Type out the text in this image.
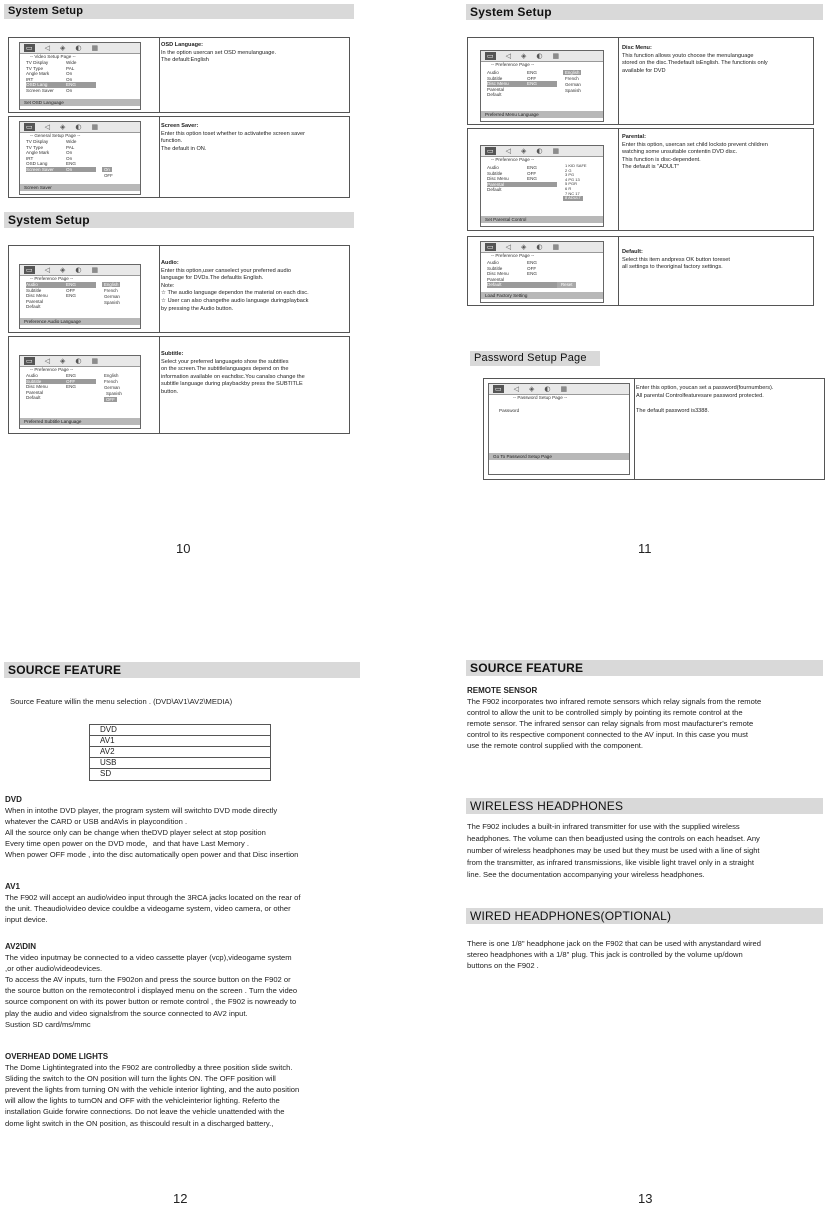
System Setup
▭ ◁ ◈ ◐ ▦
-- Video Setup Page --
TV Display	Wide
TV Type	PAL
Angle Mark	On
IRT	On
OSD Lang	ENG
Screen Saver	On
Set OSD Language
OSD Language:
In the option usercan set OSD menulanguage.
The default:English
▭ ◁ ◈ ◐ ▦
-- General Setup Page --
TV Display	Wide
TV Type	PAL
Angle Mark	On
IRT	On
OSD Lang	ENG
Screen Saver	On	On
OFF
Screen Saver
Screen Saver:
Enter this option toset whether to activatethe screen saver
function.
The default in ON.
System Setup
▭ ◁ ◈ ◐ ▦
-- Preference Page --
Audio	ENG
Subtitle	OFF
Disc Menu	ENG
Parental
Default
English
French
German
Spanish
Preference Audio Language
Audio:
Enter this option,user canselect your preferred audio
language for DVDs.The defaultis English.
Note:
☆ The audio language dependon the material on each disc.
☆ User can also changethe audio language duringplayback
by pressing the Audio button.
▭ ◁ ◈ ◐ ▦
-- Preference Page --
Audio	ENG
Subtitle	OFF
Disc Menu	ENG
Parental
Default
English
French
German
Spanish
OFF
Preferred Subtitle Language
Subtitle:
Select your preferred languageto show the subtitles
on the screen.The subtitlelanguages depend on the
information available on eachdisc.You canalso change the
subtitle language during playbackby press the SUBTITLE
button.
10
System Setup
▭ ◁ ◈ ◐ ▦
-- Preference Page --
Audio	ENG
Subtitle	OFF
Disc Menu	ENG
Parental
Default
English
French
German
Spanish
Preferred Menu Language
Disc Menu:
This function allows youto choose the menulanguage
stored on the disc.Thedefault isEnglish. The functionis only
available for DVD
▭ ◁ ◈ ◐ ▦
-- Preference Page --
Audio	ENG
Subtitle	OFF
Disc Menu	ENG
Parental
Default
1 KID SAFE
2 G
3 PG
4 PG 13
5 PGR
6 R
7 NC 17
8 ADULT
Set Parental Control
Parental:
Enter this option, usercan set child locksto prevent children
watching some unsuitable contentin DVD disc.
This function is disc-dependent.
The default is "ADULT"
▭ ◁ ◈ ◐ ▦
-- Preference Page --
Audio	ENG
Subtitle	OFF
Disc Menu	ENG
Parental
Default	Reset
Load Factory Setting
Default:
Select this item andpress OK button toreset
all settings to theoriginal factory settings.
Password Setup Page
▭ ◁ ◈ ◐ ▦
-- Password Setup Page --
Password
Go To Password Setup Page
Enter this option, youcan set a password(fournumbers).
All parental Controlfeaturesare password protected.
The default password is3388.
11
SOURCE FEATURE
Source Feature willin the menu selection . (DVD\AV1\AV2\MEDIA)
DVD
AV1
AV2
USB
SD
DVD
When in intothe DVD player, the program system will switchto DVD mode directly
whatever the CARD or USB andAVis in playcondition .
All the source only can be change when theDVD player select at stop position
Every time open power on the DVD mode，and that have Last Memory .
When power OFF mode , into the disc automatically open power and that Disc insertion
AV1
The F902 will accept an audio\video input through the 3RCA jacks located on the rear of
the unit. Theaudio\video device couldbe a videogame system, video camera, or other
input device.
AV2\DIN
The video inputmay be connected to a video cassette player (vcp),videogame system
,or other audio\videodevices.
To access the AV inputs, turn the F902on and press the source button on the F902 or
the source button on the remotecontrol i displayed menu on the screen . Turn the video
source component on with its power button or remote control , the F902 is nowready to
play the audio and video signalsfrom the source connected to AV2 input.
Sustion SD card/ms/mmc
OVERHEAD DOME LIGHTS
The Dome Lightintegrated into the F902 are controlledby a three position slide switch.
Sliding the switch to the ON position will turn the lights ON. The OFF position will
prevent the lights from turning ON with the vehicle interior lighting, and the auto position
will allow the lights to turnON and OFF with the vehicleinterior lighting. Referto the
installation Guide forwire connections. Do not leave the vehicle unattended with the
dome light switch in the ON position, as thiscould result in a discharged battery.,
12
SOURCE FEATURE
REMOTE SENSOR
The F902 incorporates two infrared remote sensors which relay signals from the remote
control to allow the unit to be controlled simply by pointing its remote control at the
remote sensor. The infrared sensor can relay signals from most maufacturer's remote
control to its respective component connected to the AV input. In this case you must
use the remote control supplied with the component.
WIRELESS HEADPHONES
The F902 includes a built-in infrared transmitter for use with the supplied wireless
headphones. The volume can then beadjusted using the controls on each headset. Any
number of wireless headphones may be used but they must be used with a line of sight
from the transmitter, as infrared transmissions, like visible light travel only in a straight
line. See the documentation accompanying your wireless headphones.
WIRED HEADPHONES(OPTIONAL)
There is one 1/8" headphone jack on the F902 that can be used with anystandard wired
stereo headphones with a 1/8" plug. This jack is controlled by the volume up/down
buttons on the F902 .
13
